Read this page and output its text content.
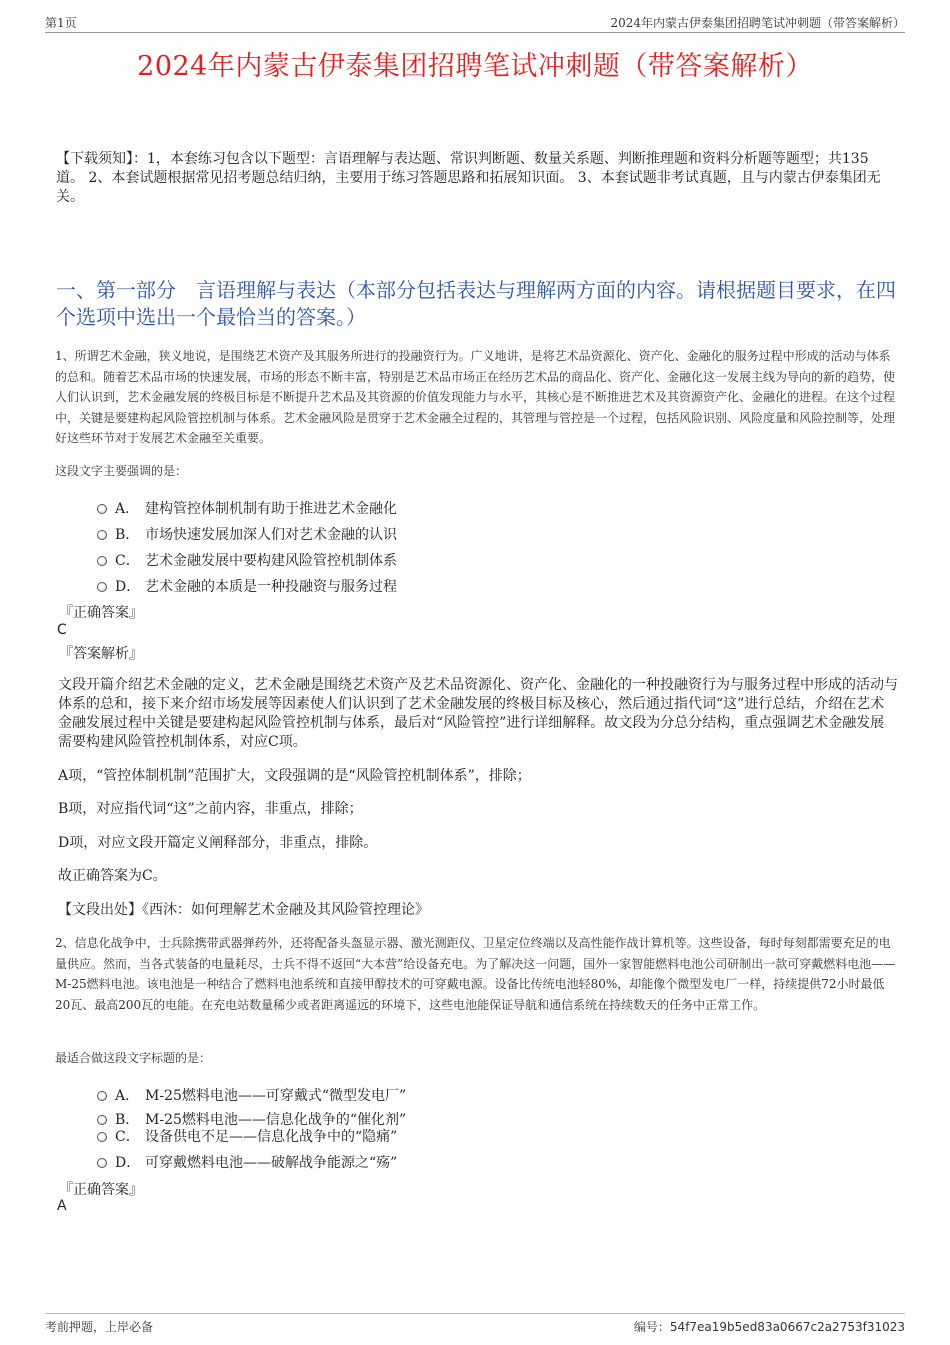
第1页	2024年内蒙古伊泰集团招聘笔试冲刺题（带答案解析）
2024年内蒙古伊泰集团招聘笔试冲刺题（带答案解析）
【下载须知】：1，本套练习包含以下题型：言语理解与表达题、常识判断题、数量关系题、判断推理题和资料分析题等题型；共135道。 2、本套试题根据常见招考题总结归纳，主要用于练习答题思路和拓展知识面。 3、本套试题非考试真题，且与内蒙古伊泰集团无关。
一、第一部分　言语理解与表达（本部分包括表达与理解两方面的内容。请根据题目要求，在四个选项中选出一个最恰当的答案。）
1、所谓艺术金融，狭义地说，是围绕艺术资产及其服务所进行的投融资行为。广义地讲，是将艺术品资源化、资产化、金融化的服务过程中形成的活动与体系的总和。随着艺术品市场的快速发展，市场的形态不断丰富，特别是艺术品市场正在经历艺术品的商品化、资产化、金融化这一发展主线为导向的新的趋势，使人们认识到，艺术金融发展的终极目标是不断提升艺术品及其资源的价值发现能力与水平，其核心是不断推进艺术及其资源资产化、金融化的进程。在这个过程中，关键是要建构起风险管控机制与体系。艺术金融风险是贯穿于艺术金融全过程的，其管理与管控是一个过程，包括风险识别、风险度量和风险控制等，处理好这些环节对于发展艺术金融至关重要。
这段文字主要强调的是：
A． 建构管控体制机制有助于推进艺术金融化
B． 市场快速发展加深人们对艺术金融的认识
C． 艺术金融发展中要构建风险管控机制体系
D． 艺术金融的本质是一种投融资与服务过程
『正确答案』
C
『答案解析』
文段开篇介绍艺术金融的定义，艺术金融是围绕艺术资产及艺术品资源化、资产化、金融化的一种投融资行为与服务过程中形成的活动与体系的总和，接下来介绍市场发展等因素使人们认识到了艺术金融发展的终极目标及核心，然后通过指代词“这”进行总结，介绍在艺术金融发展过程中关键是要建构起风险管控机制与体系，最后对“风险管控”进行详细解释。故文段为分总分结构，重点强调艺术金融发展需要构建风险管控机制体系，对应C项。
A项，“管控体制机制”范围扩大，文段强调的是“风险管控机制体系”，排除；
B项，对应指代词“这”之前内容，非重点，排除；
D项，对应文段开篇定义阐释部分，非重点，排除。
故正确答案为C。
【文段出处】《西沐：如何理解艺术金融及其风险管控理论》
2、信息化战争中，士兵除携带武器弹药外，还将配备头盔显示器、激光测距仪、卫星定位终端以及高性能作战计算机等。这些设备，每时每刻都需要充足的电量供应。然而，当各式装备的电量耗尽，士兵不得不返回“大本营”给设备充电。为了解决这一问题，国外一家智能燃料电池公司研制出一款可穿戴燃料电池——M-25燃料电池。该电池是一种结合了燃料电池系统和直接甲醇技术的可穿戴电源。设备比传统电池轻80%，却能像个微型发电厂一样，持续提供72小时最低20瓦、最高200瓦的电能。在充电站数量稀少或者距离遥远的环境下，这些电池能保证导航和通信系统在持续数天的任务中正常工作。
最适合做这段文字标题的是：
A． M-25燃料电池——可穿戴式“微型发电厂”
B． M-25燃料电池——信息化战争的“催化剂”
C． 设备供电不足——信息化战争中的“隐痛”
D． 可穿戴燃料电池——破解战争能源之“殇”
『正确答案』
A
考前押题，上岸必备	编号：54f7ea19b5ed83a0667c2a2753f31023
